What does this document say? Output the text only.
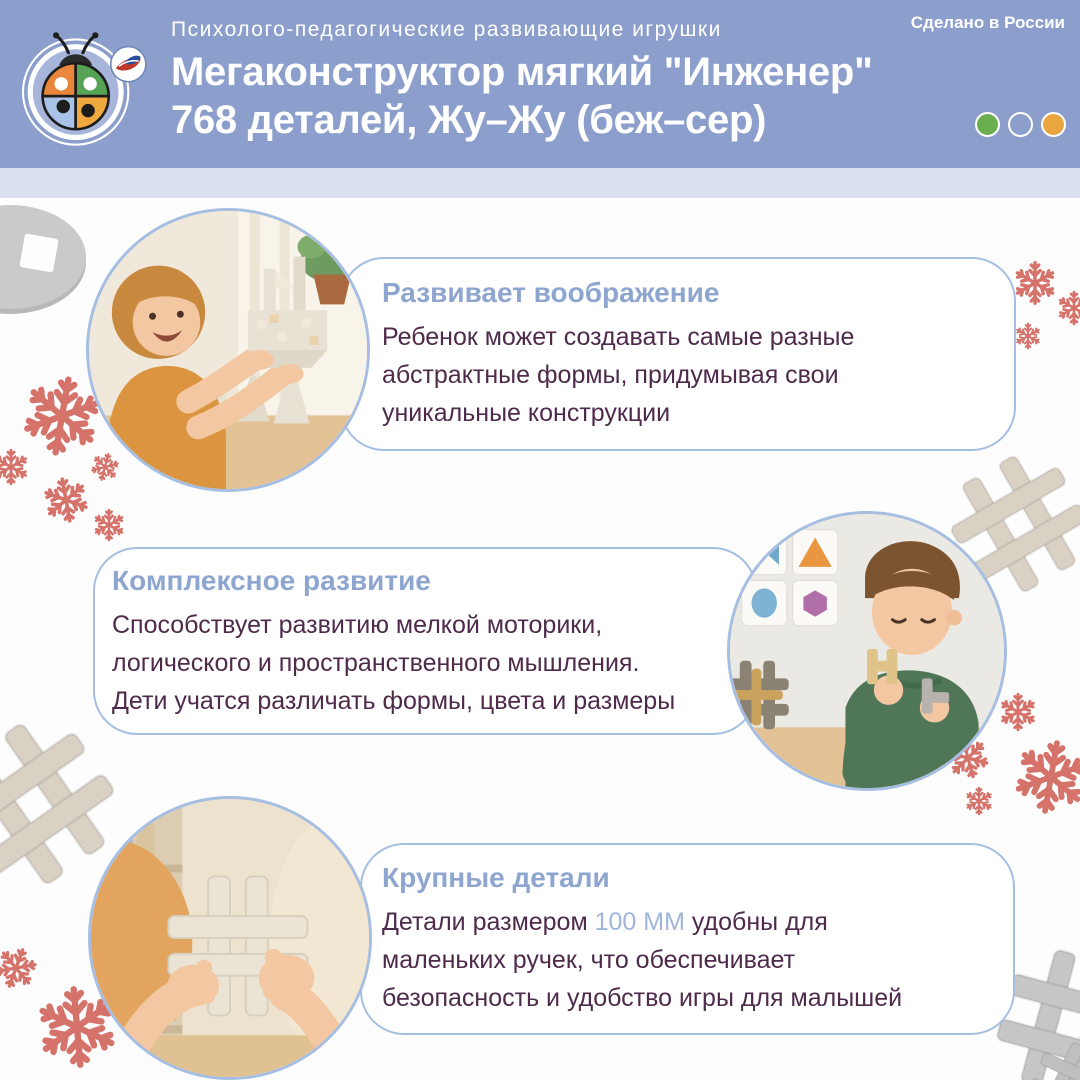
Психолого-педагогические развивающие игрушки
Мегаконструктор мягкий "Инженер"
768 деталей, Жу–Жу (беж–сер)
Сделано в России
Развивает воображение
Ребенок может создавать самые разные абстрактные формы, придумывая свои уникальные конструкции
Комплексное развитие
Способствует развитию мелкой моторики, логического и пространственного мышления. Дети учатся различать формы, цвета и размеры
Крупные детали
Детали размером 100 ММ удобны для маленьких ручек, что обеспечивает безопасность и удобство игры для малышей
